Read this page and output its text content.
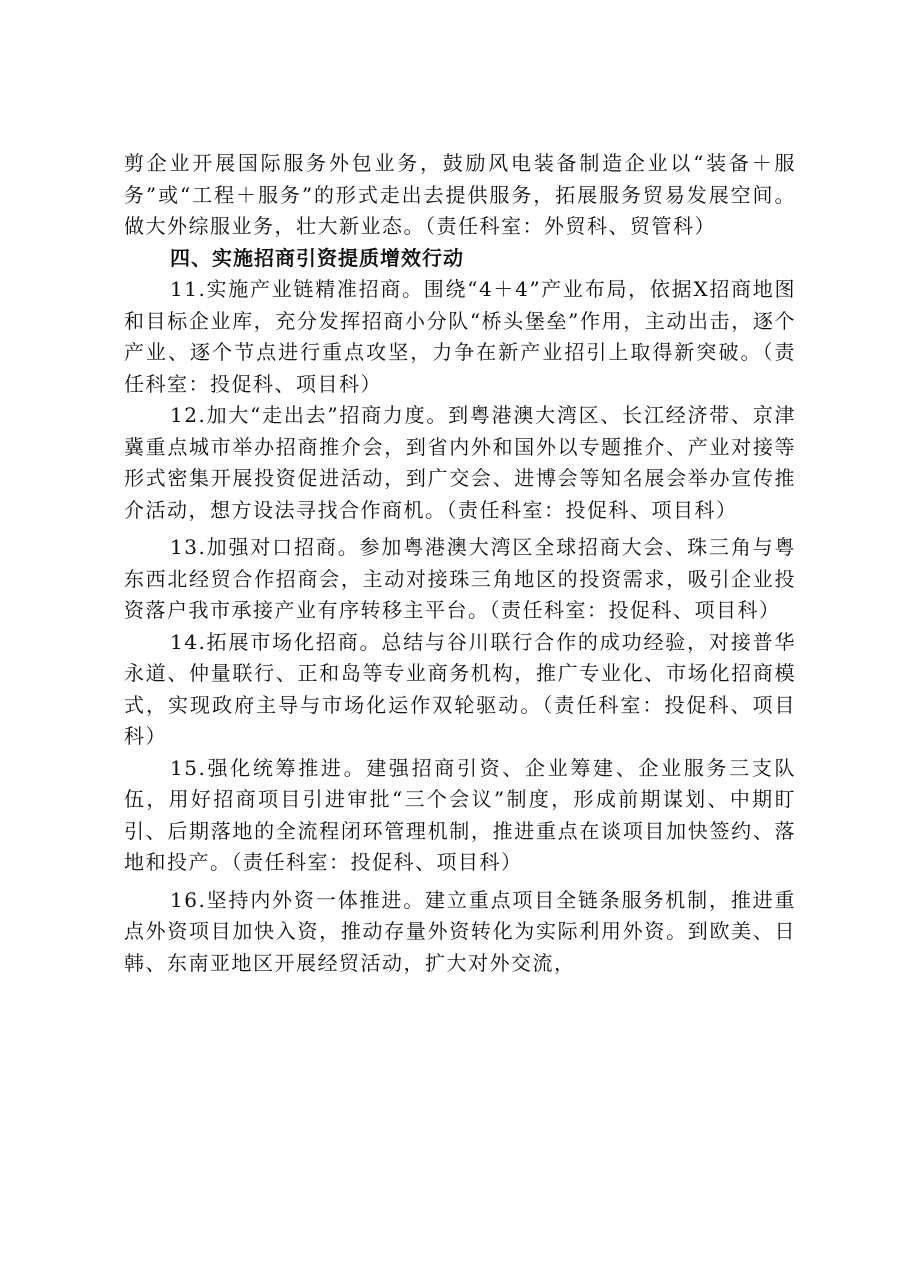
剪企业开展国际服务外包业务，鼓励风电装备制造企业以“装备＋服务”或“工程＋服务”的形式走出去提供服务，拓展服务贸易发展空间。做大外综服业务，壮大新业态。（责任科室：外贸科、贸管科）

四、实施招商引资提质增效行动

11.实施产业链精准招商。围绕“4＋4”产业布局，依据X招商地图和目标企业库，充分发挥招商小分队“桥头堡垒”作用，主动出击，逐个产业、逐个节点进行重点攻坚，力争在新产业招引上取得新突破。（责任科室：投促科、项目科）

12.加大“走出去”招商力度。到粤港澳大湾区、长江经济带、京津冀重点城市举办招商推介会，到省内外和国外以专题推介、产业对接等形式密集开展投资促进活动，到广交会、进博会等知名展会举办宣传推介活动，想方设法寻找合作商机。（责任科室：投促科、项目科）

13.加强对口招商。参加粤港澳大湾区全球招商大会、珠三角与粤东西北经贸合作招商会，主动对接珠三角地区的投资需求，吸引企业投资落户我市承接产业有序转移主平台。（责任科室：投促科、项目科）

14.拓展市场化招商。总结与谷川联行合作的成功经验，对接普华永道、仲量联行、正和岛等专业商务机构，推广专业化、市场化招商模式，实现政府主导与市场化运作双轮驱动。（责任科室：投促科、项目科）

15.强化统筹推进。建强招商引资、企业筹建、企业服务三支队伍，用好招商项目引进审批“三个会议”制度，形成前期谋划、中期盯引、后期落地的全流程闭环管理机制，推进重点在谈项目加快签约、落地和投产。（责任科室：投促科、项目科）

16.坚持内外资一体推进。建立重点项目全链条服务机制，推进重点外资项目加快入资，推动存量外资转化为实际利用外资。到欧美、日韩、东南亚地区开展经贸活动，扩大对外交流，
